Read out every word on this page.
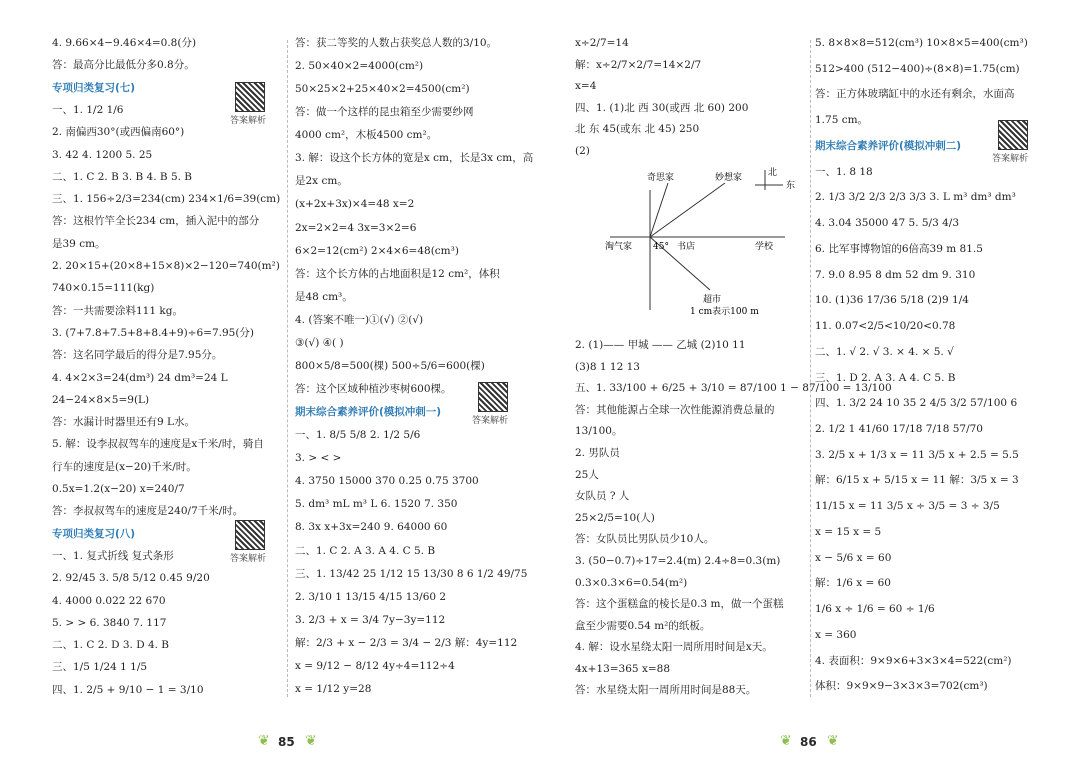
4. 9.66×4−9.46×4=0.8(分)
答：最高分比最低分多0.8分。
专项归类复习(七)
一、1. 1/2 1/6
2. 南偏西30°(或西偏南60°)
3. 42 4. 1200 5. 25
二、1. C 2. B 3. B 4. B 5. B
三、1. 156÷2/3=234(cm) 234×1/6=39(cm)
答：这根竹竿全长234 cm，插入泥中的部分
是39 cm。
2. 20×15+(20×8+15×8)×2−120=740(m²)
740×0.15=111(kg)
答：一共需要涂料111 kg。
3. (7+7.8+7.5+8+8.4+9)÷6=7.95(分)
答：这名同学最后的得分是7.95分。
4. 4×2×3=24(dm³) 24 dm³=24 L
24−24×8×5=9(L)
答：水漏计时器里还有9 L水。
5. 解：设李叔叔驾车的速度是x千米/时，骑自
行车的速度是(x−20)千米/时。
0.5x=1.2(x−20) x=240/7
答：李叔叔驾车的速度是240/7千米/时。
专项归类复习(八)
一、1. 复式折线 复式条形
2. 92/45 3. 5/8 5/12 0.45 9/20
4. 4000 0.022 22 670
5. > > 6. 3840 7. 117
二、1. C 2. D 3. D 4. B
三、1/5 1/24 1 1/5
四、1. 2/5 + 9/10 − 1 = 3/10
答：获二等奖的人数占获奖总人数的3/10。
2. 50×40×2=4000(cm²)
50×25×2+25×40×2=4500(cm²)
答：做一个这样的昆虫箱至少需要纱网
4000 cm²，木板4500 cm²。
3. 解：设这个长方体的宽是x cm，长是3x cm，高
是2x cm。
(x+2x+3x)×4=48 x=2
2x=2×2=4 3x=3×2=6
6×2=12(cm²) 2×4×6=48(cm³)
答：这个长方体的占地面积是12 cm²，体积
是48 cm³。
4. (答案不唯一)①(√) ②(√)
③(√) ④( )
800×5/8=500(棵) 500÷5/6=600(棵)
答：这个区域种植沙枣树600棵。
期末综合素养评价(模拟冲刺一)
一、1. 8/5 5/8 2. 1/2 5/6
3. > < >
4. 3750 15000 370 0.25 0.75 3700
5. dm³ mL m³ L 6. 1520 7. 350
8. 3x x+3x=240 9. 64000 60
二、1. C 2. A 3. A 4. C 5. B
三、1. 13/42 25 1/12 15 13/30 8 6 1/2 49/75
2. 3/10 1 13/15 4/15 13/60 2
3. 2/3 + x = 3/4 7y−3y=112
解：2/3 + x − 2/3 = 3/4 − 2/3 解：4y=112
x = 9/12 − 8/12 4y÷4=112÷4
x = 1/12 y=28
答案解析
答案解析
答案解析
❦ 85 ❦
x÷2/7=14
解：x÷2/7×2/7=14×2/7
x=4
四、1. (1)北 西 30(或西 北 60) 200
北 东 45(或东 北 45) 250
(2)
2. (1)—— 甲城 —— 乙城 (2)10 11
(3)8 1 12 13
五、1. 33/100 + 6/25 + 3/10 = 87/100 1 − 87/100 = 13/100
答：其他能源占全球一次性能源消费总量的
13/100。
2. 男队员
25人
女队员 ? 人
25×2/5=10(人)
答：女队员比男队员少10人。
3. (50−0.7)÷17=2.4(m) 2.4÷8=0.3(m)
0.3×0.3×6=0.54(m²)
答：这个蛋糕盒的棱长是0.3 m，做一个蛋糕
盒至少需要0.54 m²的纸板。
4. 解：设水星绕太阳一周所用时间是x天。
4x+13=365 x=88
答：水星绕太阳一周所用时间是88天。
5. 8×8×8=512(cm³) 10×8×5=400(cm³)
512>400 (512−400)÷(8×8)=1.75(cm)
答：正方体玻璃缸中的水还有剩余，水面高
1.75 cm。
期末综合素养评价(模拟冲刺二)
一、1. 8 18
2. 1/3 3/2 2/3 2/3 3/3 3. L m³ dm³ dm³
4. 3.04 35000 47 5. 5/3 4/3
6. 比军事博物馆的6倍高39 m 81.5
7. 9.0 8.95 8 dm 52 dm 9. 310
10. (1)36 17/36 5/18 (2)9 1/4
11. 0.07<2/5<10/20<0.78
二、1. √ 2. √ 3. × 4. × 5. √
三、1. D 2. A 3. A 4. C 5. B
四、1. 3/2 24 10 35 2 4/5 3/2 57/100 6
2. 1/2 1 41/60 17/18 7/18 57/70
3. 2/5 x + 1/3 x = 11 3/5 x + 2.5 = 5.5
解：6/15 x + 5/15 x = 11 解：3/5 x = 3
11/15 x = 11 3/5 x ÷ 3/5 = 3 ÷ 3/5
x = 15 x = 5
x − 5/6 x = 60
解：1/6 x = 60
1/6 x ÷ 1/6 = 60 ÷ 1/6
x = 360
4. 表面积：9×9×6+3×3×4=522(cm²)
体积：9×9×9−3×3×3=702(cm³)
答案解析
奇思家	妙想家	北
东
淘气家 45° 书店	学校
超市
1 cm表示100 m
❦ 86 ❦
